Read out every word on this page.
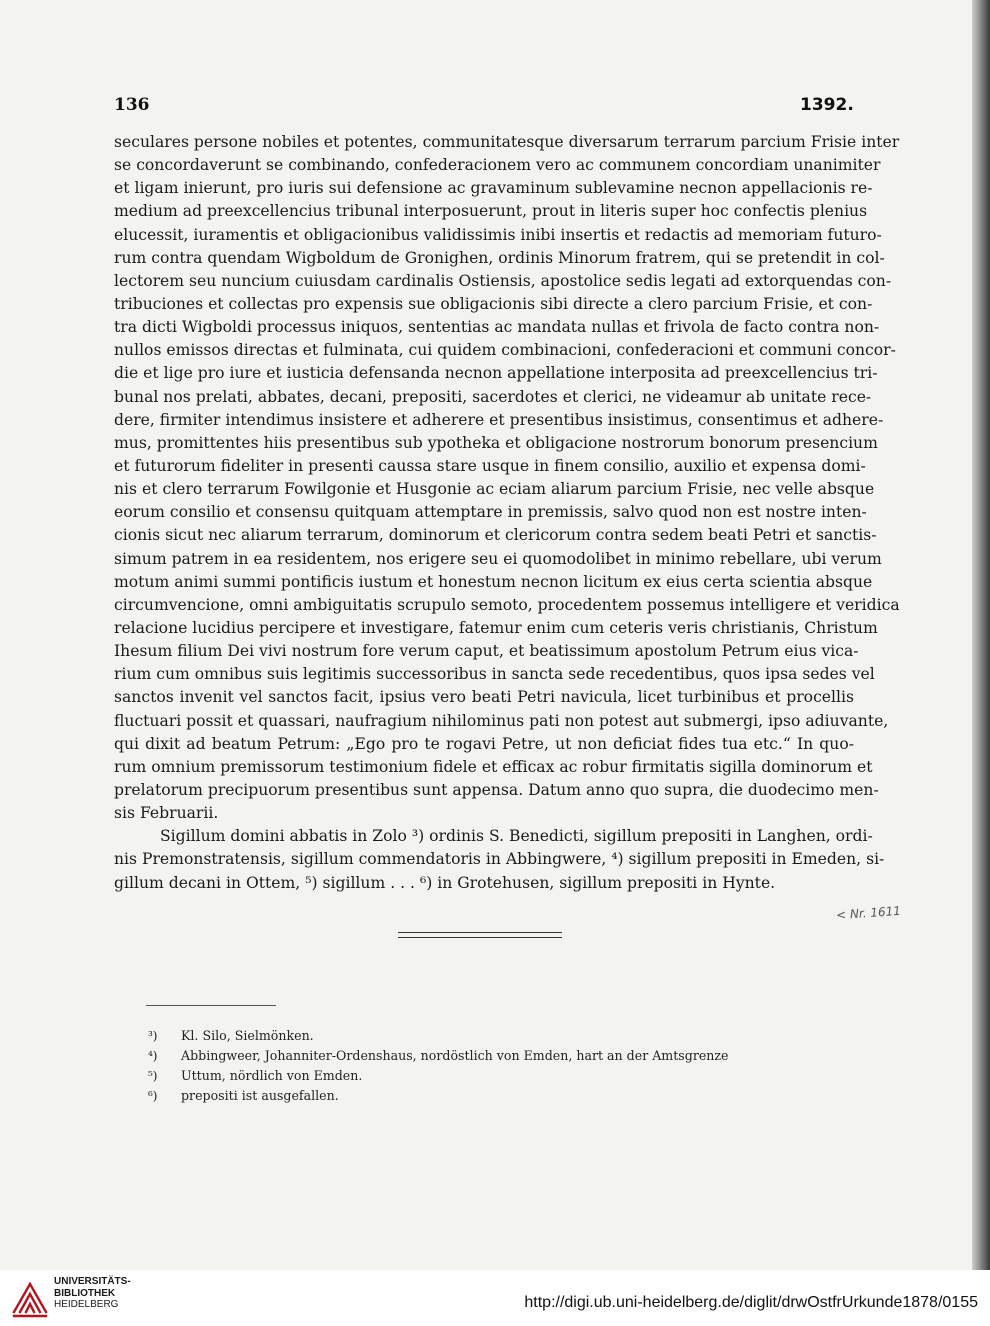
136	1392.
seculares persone nobiles et potentes, communitatesque diversarum terrarum parcium Frisie inter
se concordaverunt se combinando, confederacionem vero ac communem concordiam unanimiter
et ligam inierunt, pro iuris sui defensione ac gravaminum sublevamine necnon appellacionis re-
medium ad preexcellencius tribunal interposuerunt, prout in literis super hoc confectis plenius
elucessit, iuramentis et obligacionibus validissimis inibi insertis et redactis ad memoriam futuro-
rum contra quendam Wigboldum de Gronighen, ordinis Minorum fratrem, qui se pretendit in col-
lectorem seu nuncium cuiusdam cardinalis Ostiensis, apostolice sedis legati ad extorquendas con-
tribuciones et collectas pro expensis sue obligacionis sibi directe a clero parcium Frisie, et con-
tra dicti Wigboldi processus iniquos, sententias ac mandata nullas et frivola de facto contra non-
nullos emissos directas et fulminata, cui quidem combinacioni, confederacioni et communi concor-
die et lige pro iure et iusticia defensanda necnon appellatione interposita ad preexcellencius tri-
bunal nos prelati, abbates, decani, prepositi, sacerdotes et clerici, ne videamur ab unitate rece-
dere, firmiter intendimus insistere et adherere et presentibus insistimus, consentimus et adhere-
mus, promittentes hiis presentibus sub ypotheka et obligacione nostrorum bonorum presencium
et futurorum fideliter in presenti caussa stare usque in finem consilio, auxilio et expensa domi-
nis et clero terrarum Fowilgonie et Husgonie ac eciam aliarum parcium Frisie, nec velle absque
eorum consilio et consensu quitquam attemptare in premissis, salvo quod non est nostre inten-
cionis sicut nec aliarum terrarum, dominorum et clericorum contra sedem beati Petri et sanctis-
simum patrem in ea residentem, nos erigere seu ei quomodolibet in minimo rebellare, ubi verum
motum animi summi pontificis iustum et honestum necnon licitum ex eius certa scientia absque
circumvencione, omni ambiguitatis scrupulo semoto, procedentem possemus intelligere et veridica
relacione lucidius percipere et investigare, fatemur enim cum ceteris veris christianis, Christum
Ihesum filium Dei vivi nostrum fore verum caput, et beatissimum apostolum Petrum eius vica-
rium cum omnibus suis legitimis successoribus in sancta sede recedentibus, quos ipsa sedes vel
sanctos invenit vel sanctos facit, ipsius vero beati Petri navicula, licet turbinibus et procellis
fluctuari possit et quassari, naufragium nihilominus pati non potest aut submergi, ipso adiuvante,
qui dixit ad beatum Petrum: „Ego pro te rogavi Petre, ut non deficiat fides tua etc.“ In quo-
rum omnium premissorum testimonium fidele et efficax ac robur firmitatis sigilla dominorum et
prelatorum precipuorum presentibus sunt appensa. Datum anno quo supra, die duodecimo men-
sis Februarii.
Sigillum domini abbatis in Zolo ³) ordinis S. Benedicti, sigillum prepositi in Langhen, ordi-
nis Premonstratensis, sigillum commendatoris in Abbingwere, ⁴) sigillum prepositi in Emeden, si-
gillum decani in Ottem, ⁵) sigillum . . . ⁶) in Grotehusen, sigillum prepositi in Hynte.
< Nr. 1611
³) Kl. Silo, Sielmönken.
⁴) Abbingweer, Johanniter-Ordenshaus, nordöstlich von Emden, hart an der Amtsgrenze
⁵) Uttum, nördlich von Emden.
⁶) prepositi ist ausgefallen.
UNIVERSITÄTS-
BIBLIOTHEK
HEIDELBERG	http://digi.ub.uni-heidelberg.de/diglit/drwOstfrUrkunde1878/0155
